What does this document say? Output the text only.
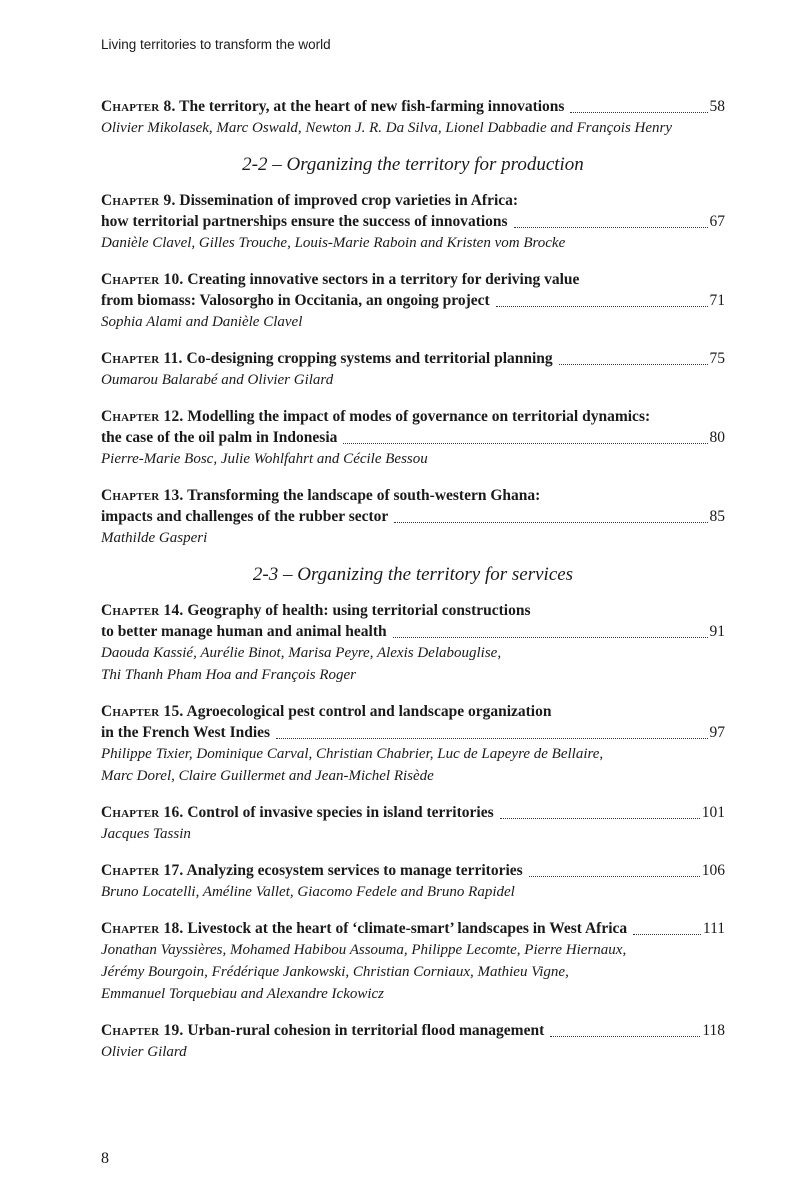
Living territories to transform the world
Chapter 8. The territory, at the heart of new fish-farming innovations	58
Olivier Mikolasek, Marc Oswald, Newton J. R. Da Silva, Lionel Dabbadie and François Henry
2-2 – Organizing the territory for production
Chapter 9. Dissemination of improved crop varieties in Africa:
how territorial partnerships ensure the success of innovations	67
Danièle Clavel, Gilles Trouche, Louis-Marie Raboin and Kristen vom Brocke
Chapter 10. Creating innovative sectors in a territory for deriving value
from biomass: Valosorgho in Occitania, an ongoing project	71
Sophia Alami and Danièle Clavel
Chapter 11. Co-designing cropping systems and territorial planning	75
Oumarou Balarabé and Olivier Gilard
Chapter 12. Modelling the impact of modes of governance on territorial dynamics:
the case of the oil palm in Indonesia	80
Pierre-Marie Bosc, Julie Wohlfahrt and Cécile Bessou
Chapter 13. Transforming the landscape of south-western Ghana:
impacts and challenges of the rubber sector	85
Mathilde Gasperi
2-3 – Organizing the territory for services
Chapter 14. Geography of health: using territorial constructions
to better manage human and animal health	91
Daouda Kassié, Aurélie Binot, Marisa Peyre, Alexis Delabouglise,
Thi Thanh Pham Hoa and François Roger
Chapter 15. Agroecological pest control and landscape organization
in the French West Indies	97
Philippe Tixier, Dominique Carval, Christian Chabrier, Luc de Lapeyre de Bellaire,
Marc Dorel, Claire Guillermet and Jean-Michel Risède
Chapter 16. Control of invasive species in island territories	101
Jacques Tassin
Chapter 17. Analyzing ecosystem services to manage territories	106
Bruno Locatelli, Améline Vallet, Giacomo Fedele and Bruno Rapidel
Chapter 18. Livestock at the heart of ‘climate-smart’ landscapes in West Africa	111
Jonathan Vayssières, Mohamed Habibou Assouma, Philippe Lecomte, Pierre Hiernaux,
Jérémy Bourgoin, Frédérique Jankowski, Christian Corniaux, Mathieu Vigne,
Emmanuel Torquebiau and Alexandre Ickowicz
Chapter 19. Urban-rural cohesion in territorial flood management	118
Olivier Gilard
8
